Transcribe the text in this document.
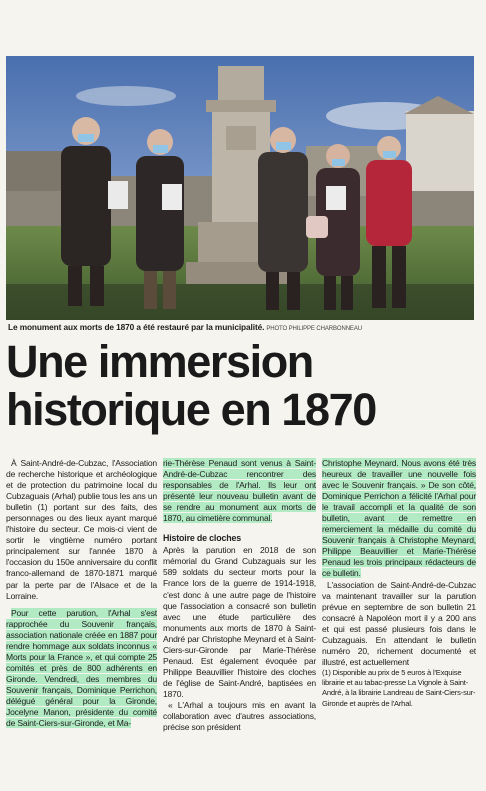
Le monument aux morts de 1870 a été restauré par la municipalité. PHOTO PHILIPPE CHARBONNEAU
Une immersion
historique en 1870

À Saint-André-de-Cubzac, l'Association de recherche historique et archéologique et de protection du patrimoine local du Cubzaguais (Arhal) publie tous les ans un bulletin (1) portant sur des faits, des personnages ou des lieux ayant marqué l'histoire du secteur. Ce mois-ci vient de sortir le vingtième numéro portant principalement sur l'année 1870 à l'occasion du 150e anniversaire du conflit franco-allemand de 1870-1871 marqué par la perte par de l'Alsace et de la Lorraine.

Pour cette parution, l'Arhal s'est rapprochée du Souvenir français, association nationale créée en 1887 pour rendre hommage aux soldats inconnus « Morts pour la France », et qui compte 25 comités et près de 800 adhérents en Gironde. Vendredi, des membres du Souvenir français, Dominique Perrichon, délégué général pour la Gironde, Jocelyne Manon, présidente du comité de Saint-Ciers-sur-Gironde, et Ma-

rie-Thérèse Penaud sont venus à Saint-André-de-Cubzac rencontrer des responsables de l'Arhal. Ils leur ont présenté leur nouveau bulletin avant de se rendre au monument aux morts de 1870, au cimetière communal.

Histoire de cloches

Après la parution en 2018 de son mémorial du Grand Cubzaguais sur les 589 soldats du secteur morts pour la France lors de la guerre de 1914-1918, c'est donc à une autre page de l'histoire que l'association a consacré son bulletin avec une étude particulière des monuments aux morts de 1870 à Saint-André par Christophe Meynard et à Saint-Ciers-sur-Gironde par Marie-Thérèse Penaud. Est également évoquée par Philippe Beauvillier l'histoire des cloches de l'église de Saint-André, baptisées en 1870.

« L'Arhal a toujours mis en avant la collaboration avec d'autres associations, précise son président

Christophe Meynard. Nous avons été très heureux de travailler une nouvelle fois avec le Souvenir français. » De son côté, Dominique Perrichon a félicité l'Arhal pour le travail accompli et la qualité de son bulletin, avant de remettre en remerciement la médaille du comité du Souvenir français à Christophe Meynard, Philippe Beauvillier et Marie-Thérèse Penaud les trois principaux rédacteurs de ce bulletin.

L'association de Saint-André-de-Cubzac va maintenant travailler sur la parution prévue en septembre de son bulletin 21 consacré à Napoléon mort il y a 200 ans et qui est passé plusieurs fois dans le Cubzaguais. En attendant le bulletin numéro 20, richement documenté et illustré, est actuellement

(1) Disponible au prix de 5 euros à l'Exquise librairie et au tabac-presse La Vignole à Saint-André, à la librairie Landreau de Saint-Ciers-sur-Gironde et auprès de l'Arhal.
